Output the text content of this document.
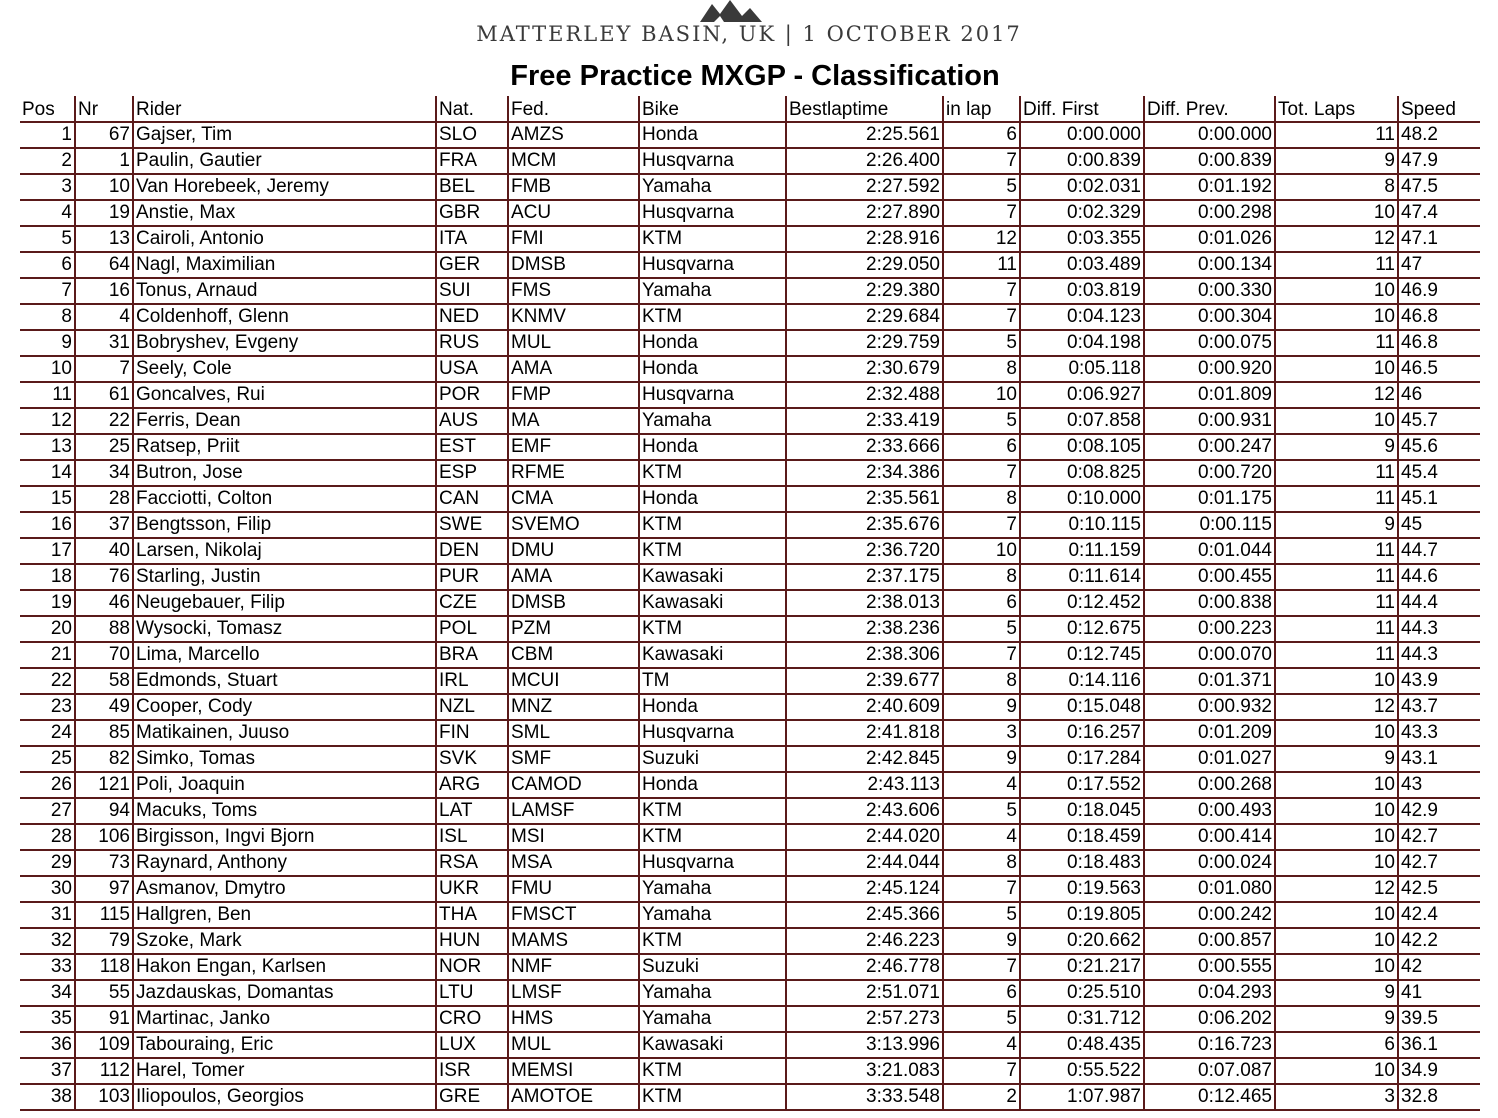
MATTERLEY BASIN, UK | 1 OCTOBER 2017
Free Practice MXGP - Classification
Pos	Nr	Rider	Nat.	Fed.	Bike	Bestlaptime	in lap	Diff. First	Diff. Prev.	Tot. Laps	Speed
1	67	Gajser, Tim	SLO	AMZS	Honda	2:25.561	6	0:00.000	0:00.000	11	48.2
2	1	Paulin, Gautier	FRA	MCM	Husqvarna	2:26.400	7	0:00.839	0:00.839	9	47.9
3	10	Van Horebeek, Jeremy	BEL	FMB	Yamaha	2:27.592	5	0:02.031	0:01.192	8	47.5
4	19	Anstie, Max	GBR	ACU	Husqvarna	2:27.890	7	0:02.329	0:00.298	10	47.4
5	13	Cairoli, Antonio	ITA	FMI	KTM	2:28.916	12	0:03.355	0:01.026	12	47.1
6	64	Nagl, Maximilian	GER	DMSB	Husqvarna	2:29.050	11	0:03.489	0:00.134	11	47
7	16	Tonus, Arnaud	SUI	FMS	Yamaha	2:29.380	7	0:03.819	0:00.330	10	46.9
8	4	Coldenhoff, Glenn	NED	KNMV	KTM	2:29.684	7	0:04.123	0:00.304	10	46.8
9	31	Bobryshev, Evgeny	RUS	MUL	Honda	2:29.759	5	0:04.198	0:00.075	11	46.8
10	7	Seely, Cole	USA	AMA	Honda	2:30.679	8	0:05.118	0:00.920	10	46.5
11	61	Goncalves, Rui	POR	FMP	Husqvarna	2:32.488	10	0:06.927	0:01.809	12	46
12	22	Ferris, Dean	AUS	MA	Yamaha	2:33.419	5	0:07.858	0:00.931	10	45.7
13	25	Ratsep, Priit	EST	EMF	Honda	2:33.666	6	0:08.105	0:00.247	9	45.6
14	34	Butron, Jose	ESP	RFME	KTM	2:34.386	7	0:08.825	0:00.720	11	45.4
15	28	Facciotti, Colton	CAN	CMA	Honda	2:35.561	8	0:10.000	0:01.175	11	45.1
16	37	Bengtsson, Filip	SWE	SVEMO	KTM	2:35.676	7	0:10.115	0:00.115	9	45
17	40	Larsen, Nikolaj	DEN	DMU	KTM	2:36.720	10	0:11.159	0:01.044	11	44.7
18	76	Starling, Justin	PUR	AMA	Kawasaki	2:37.175	8	0:11.614	0:00.455	11	44.6
19	46	Neugebauer, Filip	CZE	DMSB	Kawasaki	2:38.013	6	0:12.452	0:00.838	11	44.4
20	88	Wysocki, Tomasz	POL	PZM	KTM	2:38.236	5	0:12.675	0:00.223	11	44.3
21	70	Lima, Marcello	BRA	CBM	Kawasaki	2:38.306	7	0:12.745	0:00.070	11	44.3
22	58	Edmonds, Stuart	IRL	MCUI	TM	2:39.677	8	0:14.116	0:01.371	10	43.9
23	49	Cooper, Cody	NZL	MNZ	Honda	2:40.609	9	0:15.048	0:00.932	12	43.7
24	85	Matikainen, Juuso	FIN	SML	Husqvarna	2:41.818	3	0:16.257	0:01.209	10	43.3
25	82	Simko, Tomas	SVK	SMF	Suzuki	2:42.845	9	0:17.284	0:01.027	9	43.1
26	121	Poli, Joaquin	ARG	CAMOD	Honda	2:43.113	4	0:17.552	0:00.268	10	43
27	94	Macuks, Toms	LAT	LAMSF	KTM	2:43.606	5	0:18.045	0:00.493	10	42.9
28	106	Birgisson, Ingvi Bjorn	ISL	MSI	KTM	2:44.020	4	0:18.459	0:00.414	10	42.7
29	73	Raynard, Anthony	RSA	MSA	Husqvarna	2:44.044	8	0:18.483	0:00.024	10	42.7
30	97	Asmanov, Dmytro	UKR	FMU	Yamaha	2:45.124	7	0:19.563	0:01.080	12	42.5
31	115	Hallgren, Ben	THA	FMSCT	Yamaha	2:45.366	5	0:19.805	0:00.242	10	42.4
32	79	Szoke, Mark	HUN	MAMS	KTM	2:46.223	9	0:20.662	0:00.857	10	42.2
33	118	Hakon Engan, Karlsen	NOR	NMF	Suzuki	2:46.778	7	0:21.217	0:00.555	10	42
34	55	Jazdauskas, Domantas	LTU	LMSF	Yamaha	2:51.071	6	0:25.510	0:04.293	9	41
35	91	Martinac, Janko	CRO	HMS	Yamaha	2:57.273	5	0:31.712	0:06.202	9	39.5
36	109	Tabouraing, Eric	LUX	MUL	Kawasaki	3:13.996	4	0:48.435	0:16.723	6	36.1
37	112	Harel, Tomer	ISR	MEMSI	KTM	3:21.083	7	0:55.522	0:07.087	10	34.9
38	103	Iliopoulos, Georgios	GRE	AMOTOE	KTM	3:33.548	2	1:07.987	0:12.465	3	32.8
